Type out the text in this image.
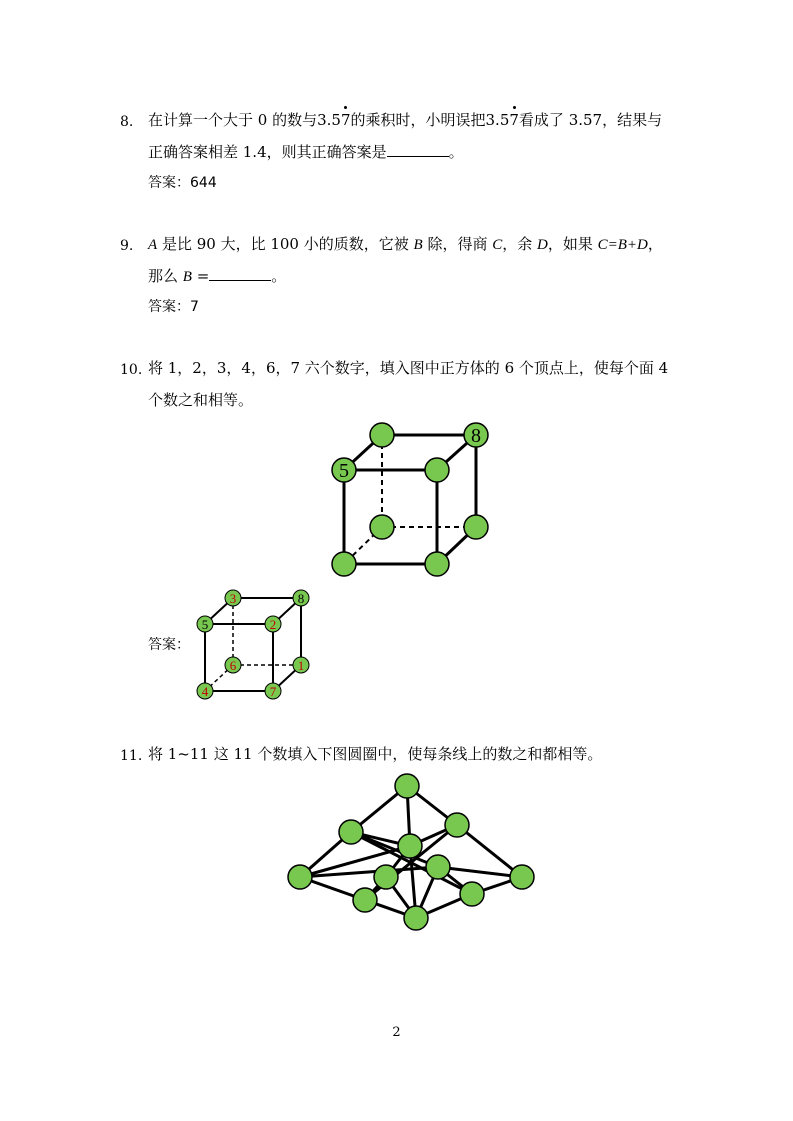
8. 在计算一个大于 0 的数与3.57的乘积时，小明误把3.57看成了 3.57，结果与
正确答案相差 1.4，则其正确答案是	。
答案：644
9. A 是比 90 大，比 100 小的质数，它被 B 除，得商 C，余 D，如果 C=B+D，
那么 B =	。
答案：7
10. 将 1，2，3，4，6，7 六个数字，填入图中正方体的 6 个顶点上，使每个面 4
个数之和相等。
8
5
答案：
3	8
5	2
6	1
4	7
11. 将 1~11 这 11 个数填入下图圆圈中，使每条线上的数之和都相等。
2
